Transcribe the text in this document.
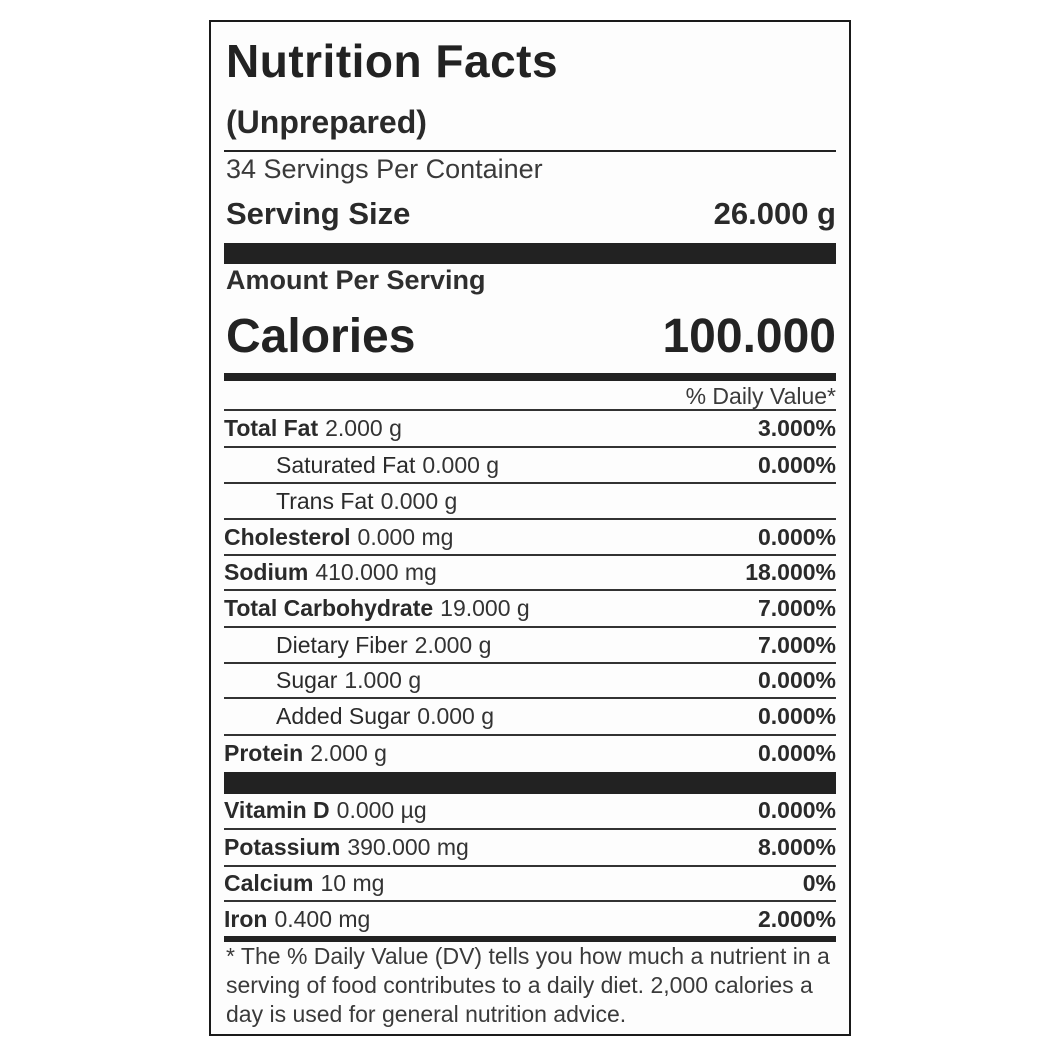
Nutrition Facts
(Unprepared)
34 Servings Per Container
Serving Size	26.000 g
Amount Per Serving
Calories	100.000
% Daily Value*
Total Fat 2.000 g	3.000%
Saturated Fat 0.000 g	0.000%
Trans Fat 0.000 g
Cholesterol 0.000 mg	0.000%
Sodium 410.000 mg	18.000%
Total Carbohydrate 19.000 g	7.000%
Dietary Fiber 2.000 g	7.000%
Sugar 1.000 g	0.000%
Added Sugar 0.000 g	0.000%
Protein 2.000 g	0.000%
Vitamin D 0.000 µg	0.000%
Potassium 390.000 mg	8.000%
Calcium 10 mg	0%
Iron 0.400 mg	2.000%
* The % Daily Value (DV) tells you how much a nutrient in a serving of food contributes to a daily diet. 2,000 calories a day is used for general nutrition advice.
